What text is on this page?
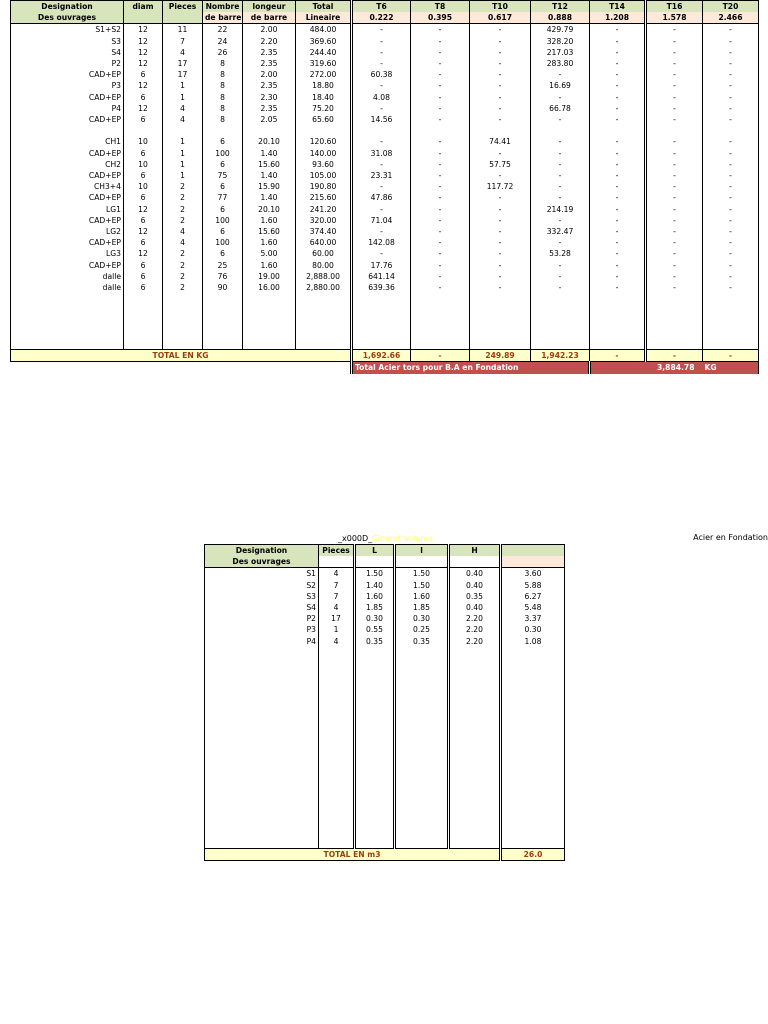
Designation	diam	Pieces	Nombre	longeur	Total	T6	T8	T10	T12	T14	T16	T20
Des ouvrages			de barre	de barre	Lineaire	0.222	0.395	0.617	0.888	1.208	1.578	2.466
S1+S2	12	11	22	2.00	484.00	-	-	-	429.79	-	-	-
S3	12	7	24	2.20	369.60	-	-	-	328.20	-	-	-
S4	12	4	26	2.35	244.40	-	-	-	217.03	-	-	-
P2	12	17	8	2.35	319.60	-	-	-	283.80	-	-	-
CAD+EP	6	17	8	2.00	272.00	60.38	-	-	-	-	-	-
P3	12	1	8	2.35	18.80	-	-	-	16.69	-	-	-
CAD+EP	6	1	8	2.30	18.40	4.08	-	-	-	-	-	-
P4	12	4	8	2.35	75.20	-	-	-	66.78	-	-	-
CAD+EP	6	4	8	2.05	65.60	14.56	-	-	-	-	-	-

CH1	10	1	6	20.10	120.60	-	-	74.41	-	-	-	-
CAD+EP	6	1	100	1.40	140.00	31.08	-	-	-	-	-	-
CH2	10	1	6	15.60	93.60	-	-	57.75	-	-	-	-
CAD+EP	6	1	75	1.40	105.00	23.31	-	-	-	-	-	-
CH3+4	10	2	6	15.90	190.80	-	-	117.72	-	-	-	-
CAD+EP	6	2	77	1.40	215.60	47.86	-	-	-	-	-	-
LG1	12	2	6	20.10	241.20	-	-	-	214.19	-	-	-
CAD+EP	6	2	100	1.60	320.00	71.04	-	-	-	-	-	-
LG2	12	4	6	15.60	374.40	-	-	-	332.47	-	-	-
CAD+EP	6	4	100	1.60	640.00	142.08	-	-	-	-	-	-
LG3	12	2	6	5.00	60.00	-	-	-	53.28	-	-	-
CAD+EP	6	2	25	1.60	80.00	17.76	-	-	-	-	-	-
dalle	6	2	76	19.00	2,888.00	641.14	-	-	-	-	-	-
dalle	6	2	90	16.00	2,880.00	639.36	-	-	-	-	-	-

TOTAL EN KG						1,692.66	-	249.89	1,942.23	-	-	-
						Total Acier tors pour B.A en Fondation				3,884.78		KG
_x000D_Ciment volume	Acier en Fondation
Designation	Pieces	L	l	H	
Des ouvrages					
S1	4	1.50	1.50	0.40	3.60
S2	7	1.40	1.50	0.40	5.88
S3	7	1.60	1.60	0.35	6.27
S4	4	1.85	1.85	0.40	5.48
P2	17	0.30	0.30	2.20	3.37
P3	1	0.55	0.25	2.20	0.30
P4	4	0.35	0.35	2.20	1.08

TOTAL EN m3					26.0
